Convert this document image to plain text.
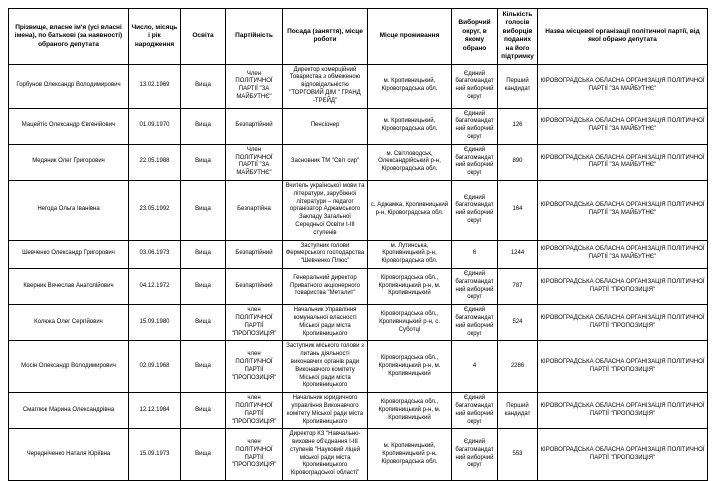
Прізвище, власне ім'я (усі власні імена), по батькові (за наявності) обраного депутата	Число, місяць і рік народження	Освіта	Партійність	Посада (заняття), місце роботи	Місце проживання	Виборчий округ, в якому обрано	Кількість голосів виборців поданих на його підтримку	Назва місцевої організації політичної партії, від якої обрано депутата
Горбунов Олександр Володимирович	13.02.1969	Вища	Член ПОЛІТИЧНОЇ ПАРТІЇ "ЗА МАЙБУТНЄ"	Директор комерційний Товариства з обмеженою відповідальністю "ТОРГОВИЙ ДІМ " ГРАНД -ТРЕЙД"	м. Кропивницький, Кіровоградська обл.	Єдиний багатомандатний виборчий округ	Перший кандидат	КІРОВОГРАДСЬКА ОБЛАСНА ОРГАНІЗАЦІЯ ПОЛІТИЧНОЇ ПАРТІЇ "ЗА МАЙБУТНЄ"
Мацейтіс Олександр Євгенійович	01.09.1970	Вища	Безпартійний	Пенсіонер	м. Кропивницький, Кіровоградська обл.	Єдиний багатомандатний виборчий округ	126	КІРОВОГРАДСЬКА ОБЛАСНА ОРГАНІЗАЦІЯ ПОЛІТИЧНОЇ ПАРТІЇ "ЗА МАЙБУТНЄ"
Медяник Олег Григорович	22.05.1988	Вища	Член ПОЛІТИЧНОЇ ПАРТІЇ "ЗА МАЙБУТНЄ"	Засновник ТМ "Світ сир"	м. Світловодськ, Олександрійський р-н, Кіровоградська обл.	Єдиний багатомандатний виборчий округ	890	КІРОВОГРАДСЬКА ОБЛАСНА ОРГАНІЗАЦІЯ ПОЛІТИЧНОЇ ПАРТІЇ "ЗА МАЙБУТНЄ"
Негода Ольга Іванівна	23.05.1992	Вища	Безпартійна	Вчитель української мови та літератури, зарубіжної літератури – педагог організатор Аджамського Закладу Загальної Середньої Освіти І-ІІІ ступенів	с. Аджамка, Кропивницький р-н, Кіровоградська обл.	Єдиний багатомандатний виборчий округ	164	КІРОВОГРАДСЬКА ОБЛАСНА ОРГАНІЗАЦІЯ ПОЛІТИЧНОЇ ПАРТІЇ "ЗА МАЙБУТНЄ"
Шевченко Олександр Григорович	03.06.1973	Вища	Безпартійний	Заступник голови Фермерського господарства "Шевченко Плюс"	м. Лутинська, Кропивницький р-н, Кіровоградська обл.	6	1244	КІРОВОГРАДСЬКА ОБЛАСНА ОРГАНІЗАЦІЯ ПОЛІТИЧНОЇ ПАРТІЇ "ЗА МАЙБУТНЄ"
Кверник Вячеслав Анатолійович	04.12.1972	Вища	Безпартійний	Генеральний директор Приватного акціонерного товариства "Металит"	Кіровоградська обл., Кропивницький р-н, м. Кропивницький	Єдиний багатомандатний виборчий округ	787	КІРОВОГРАДСЬКА ОБЛАСНА ОРГАНІЗАЦІЯ ПОЛІТИЧНОЇ ПАРТІЇ "ПРОПОЗИЦІЯ"
Колюка Олег Сергійович	15.09.1980	Вища	член ПОЛІТИЧНОЇ ПАРТІЇ "ПРОПОЗИЦІЯ"	Начальник Управління комунальної власності Міської ради міста Кропивницького	Кіровоградська обл., Кропивницький р-н, с. Суботці	Єдиний багатомандатний виборчий округ	524	КІРОВОГРАДСЬКА ОБЛАСНА ОРГАНІЗАЦІЯ ПОЛІТИЧНОЇ ПАРТІЇ "ПРОПОЗИЦІЯ"
Мосін Олександр Володимирович	02.09.1968	Вища	член ПОЛІТИЧНОЇ ПАРТІЇ "ПРОПОЗИЦІЯ"	Заступник міського голови з питань діяльності виконавчих органів ради Виконавчого комітету Міської ради міста Кропивницького	Кіровоградська обл., Кропивницький р-н, м. Кропивницький	4	2286	КІРОВОГРАДСЬКА ОБЛАСНА ОРГАНІЗАЦІЯ ПОЛІТИЧНОЇ ПАРТІЇ "ПРОПОЗИЦІЯ"
Смаглюк Марина Олександрівна	12.12.1984	Вища	член ПОЛІТИЧНОЇ ПАРТІЇ "ПРОПОЗИЦІЯ"	Начальник юридичного управління Виконавчого комітету Міської ради міста Кропивницького	Кіровоградська обл., Кропивницький р-н, м. Кропивницький	Єдиний багатомандатний виборчий округ	Перший кандидат	КІРОВОГРАДСЬКА ОБЛАСНА ОРГАНІЗАЦІЯ ПОЛІТИЧНОЇ ПАРТІЇ "ПРОПОЗИЦІЯ"
Чередніченко Наталя Юріївна	15.09.1973	Вища	член ПОЛІТИЧНОЇ ПАРТІЇ "ПРОПОЗИЦІЯ"	Директор КЗ "Навчально-виховне об'єднання І-ІІІ ступенів "Науковий ліцей міської ради міста Кропивницького Кіровоградської області"	м. Кропивницький, Кропивницький р-н, Кіровоградська обл.	Єдиний багатомандатний виборчий округ	553	КІРОВОГРАДСЬКА ОБЛАСНА ОРГАНІЗАЦІЯ ПОЛІТИЧНОЇ ПАРТІЇ "ПРОПОЗИЦІЯ"
